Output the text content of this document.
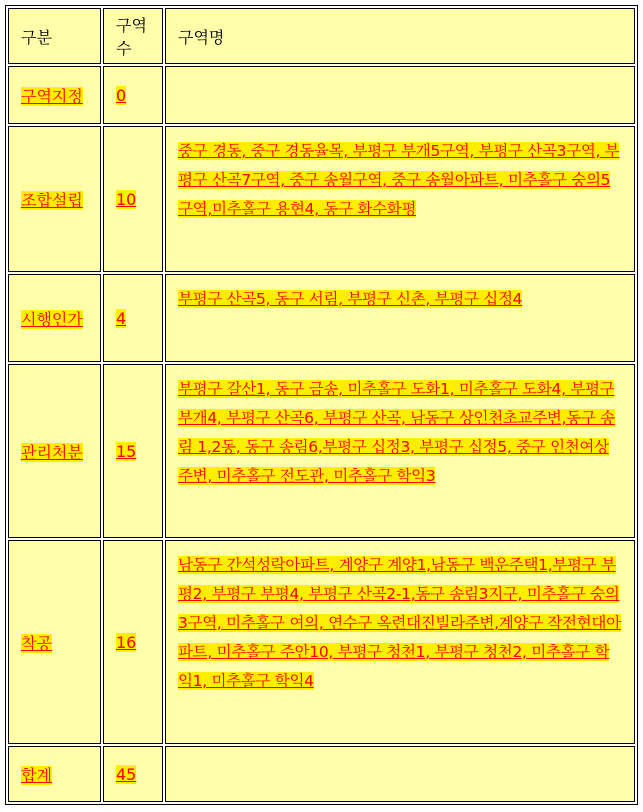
구분	구역수	구역명
구역지정	0	
조합설립	10	중구 경동, 중구 경동율목, 부평구 부개5구역, 부평구 산곡3구역, 부평구 산곡7구역, 중구 송월구역, 중구 송월아파트, 미추홀구 숭의5구역,미추홀구 용현4, 동구 화수화평
시행인가	4	부평구 산곡5, 동구 서림, 부평구 신촌, 부평구 십정4
관리처분	15	부평구 갈산1, 동구 금송, 미추홀구 도화1, 미추홀구 도화4, 부평구 부개4, 부평구 산곡6, 부평구 산곡, 남동구 상인천초교주변,동구 송림 1,2동, 동구 송림6,부평구 십정3, 부평구 십정5, 중구 인천여상주변, 미추홀구 전도관, 미추홀구 학익3
착공	16	남동구 간석성락아파트, 계양구 계양1,남동구 백운주택1,부평구 부평2, 부평구 부평4, 부평구 산곡2-1,동구 송림3지구, 미추홀구 숭의3구역, 미추홀구 여의, 연수구 옥련대진빌라주변,계양구 작전현대아파트, 미추홀구 주안10, 부평구 청천1, 부평구 청천2, 미추홀구 학익1, 미추홀구 학익4
합계	45	
